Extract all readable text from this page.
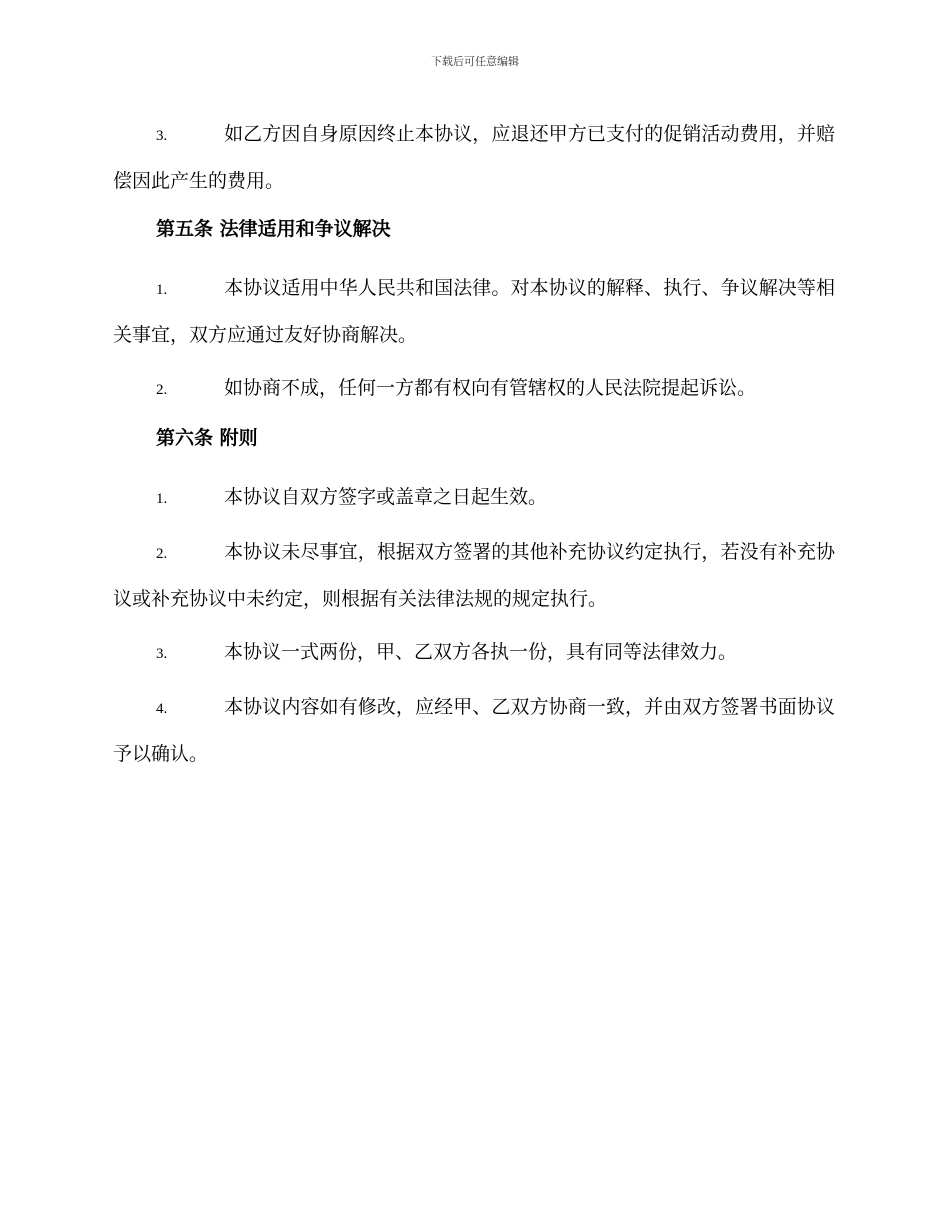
下载后可任意编辑

3.	如乙方因自身原因终止本协议，应退还甲方已支付的促销活动费用，并赔偿因此产生的费用。

第五条 法律适用和争议解决

1.	本协议适用中华人民共和国法律。对本协议的解释、执行、争议解决等相关事宜，双方应通过友好协商解决。

2.	如协商不成，任何一方都有权向有管辖权的人民法院提起诉讼。

第六条 附则

1.	本协议自双方签字或盖章之日起生效。

2.	本协议未尽事宜，根据双方签署的其他补充协议约定执行，若没有补充协议或补充协议中未约定，则根据有关法律法规的规定执行。

3.	本协议一式两份，甲、乙双方各执一份，具有同等法律效力。

4.	本协议内容如有修改，应经甲、乙双方协商一致，并由双方签署书面协议予以确认。
